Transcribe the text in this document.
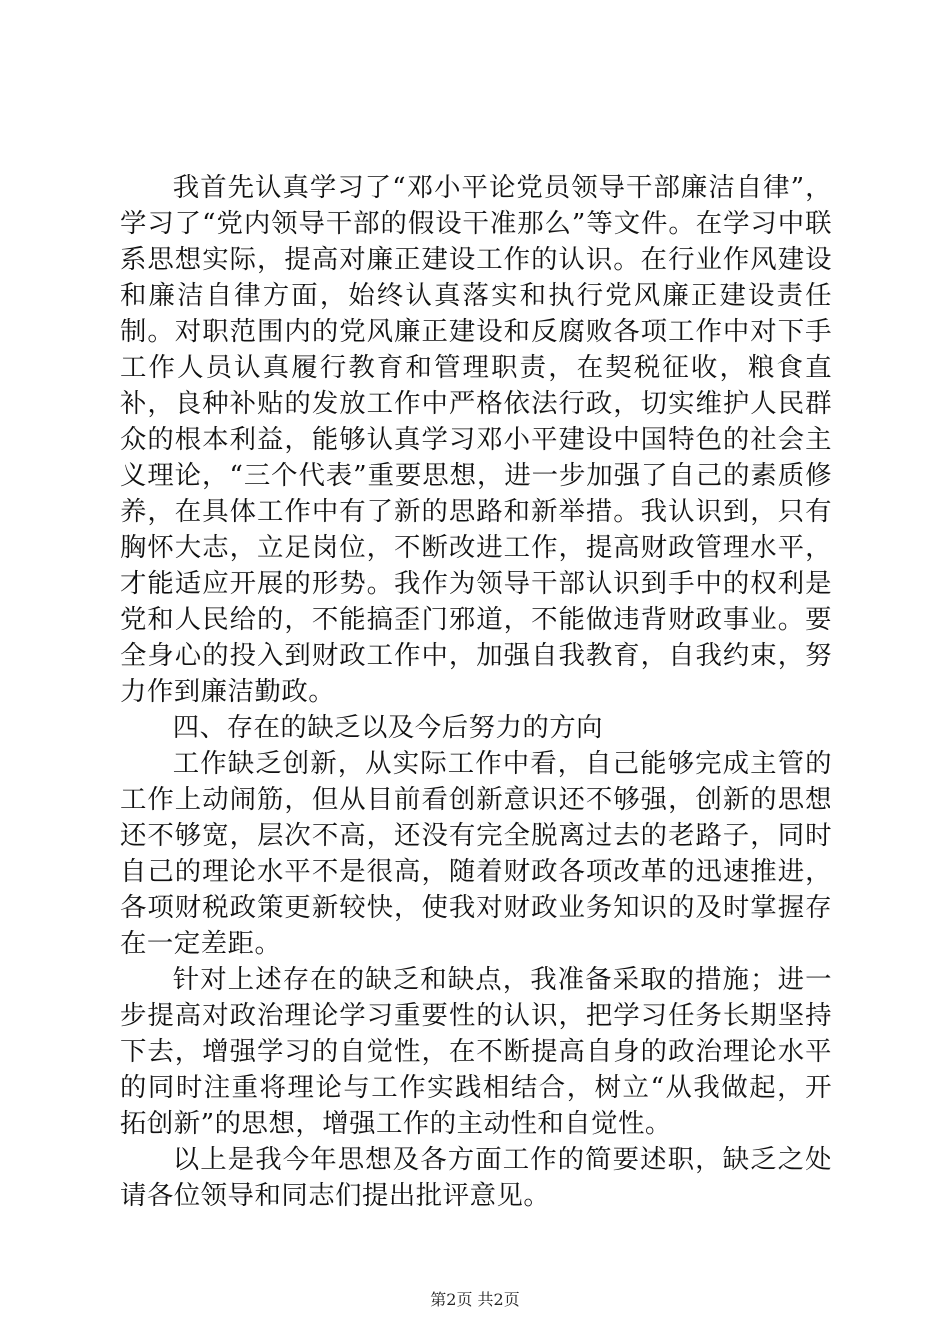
我首先认真学习了“邓小平论党员领导干部廉洁自律”，学习了“党内领导干部的假设干准那么”等文件。在学习中联系思想实际，提高对廉正建设工作的认识。在行业作风建设和廉洁自律方面，始终认真落实和执行党风廉正建设责任制。对职范围内的党风廉正建设和反腐败各项工作中对下手工作人员认真履行教育和管理职责，在契税征收，粮食直补，良种补贴的发放工作中严格依法行政，切实维护人民群众的根本利益，能够认真学习邓小平建设中国特色的社会主义理论，“三个代表”重要思想，进一步加强了自己的素质修养，在具体工作中有了新的思路和新举措。我认识到，只有胸怀大志，立足岗位，不断改进工作，提高财政管理水平，才能适应开展的形势。我作为领导干部认识到手中的权利是党和人民给的，不能搞歪门邪道，不能做违背财政事业。要全身心的投入到财政工作中，加强自我教育，自我约束，努力作到廉洁勤政。

四、存在的缺乏以及今后努力的方向

工作缺乏创新，从实际工作中看，自己能够完成主管的工作上动闹筋，但从目前看创新意识还不够强，创新的思想还不够宽，层次不高，还没有完全脱离过去的老路子，同时自己的理论水平不是很高，随着财政各项改革的迅速推进，各项财税政策更新较快，使我对财政业务知识的及时掌握存在一定差距。

针对上述存在的缺乏和缺点，我准备采取的措施；进一步提高对政治理论学习重要性的认识，把学习任务长期坚持下去，增强学习的自觉性，在不断提高自身的政治理论水平的同时注重将理论与工作实践相结合，树立“从我做起，开拓创新”的思想，增强工作的主动性和自觉性。

以上是我今年思想及各方面工作的简要述职，缺乏之处请各位领导和同志们提出批评意见。

第2页 共2页
